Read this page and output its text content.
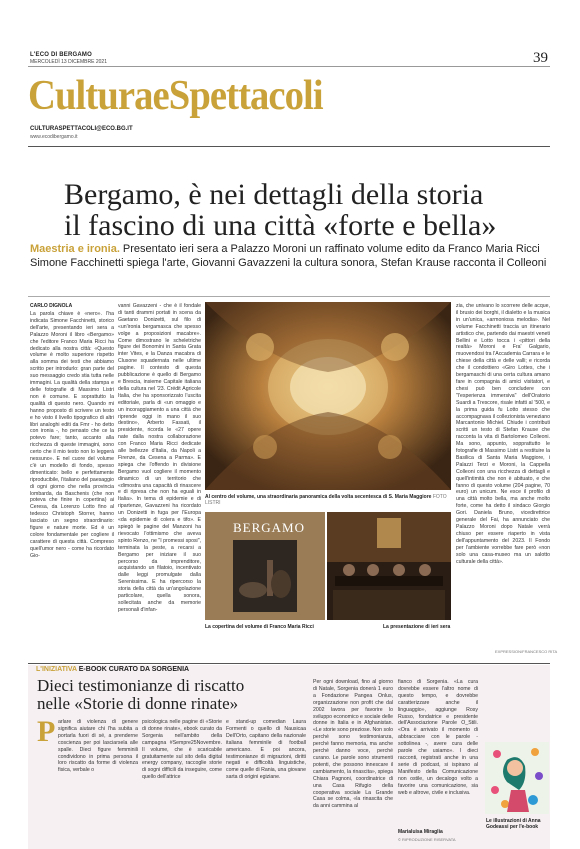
L'ECO DI BERGAMO
MERCOLEDÌ 13 DICEMBRE 2021	39
CulturaeSpettacoli
CULTURASPETTACOLI@ECO.BG.IT
www.ecodibergamo.it
Bergamo, è nei dettagli della storia
il fascino di una città «forte e bella»
Maestria e ironia. Presentato ieri sera a Palazzo Moroni un raffinato volume edito da Franco Maria Ricci Simone Facchinetti spiega l'arte, Giovanni Gavazzeni la cultura sonora, Stefan Krause racconta il Colleoni
CARLO DIGNOLA

La parola chiave è «nero». l'ha indicata Simone Facchinetti, storico dell'arte, presentando ieri sera a Palazzo Moroni il libro «Bergamo» che l'editore Franco Maria Ricci ha dedicato alla nostra città: «Questo volume è molto superiore rispetto alla somma dei testi che abbiamo scritto per introdurlo: gran parte del suo messaggio credo stia tutta nelle immagini. La qualità della stampa e delle fotografie di Massimo Listri non è comune. E soprattutto la qualità di questo nero. Quando mi hanno proposto di scrivere un testo e ho visto il livello tipografico di altri libri analoghi editi da Fmr - ho detto con ironia -, ho pensato che ce la potevo fare; tanto, accanto alla ricchezza di queste immagini, sono certo che il mio testo non lo leggerà nessuno». E nel cuore del volume c'è un modello di fondo, spesso dimenticato: bello e perfettamente riproducibile, l'italiano del paesaggio di ogni giorno che nella provincia lombarda, da Baschenis (che non poteva che finire in copertina) ai Ceresa, da Lorenzo Lotto fino al tedesco Christoph Storrer, hanno lasciato un segno straordinario: figure e nature morte. Ed è un colore fondamentale per cogliere il carattere di questa città. Compreso quell'umor nero - come ha ricordato Gio-

vanni Gavazzeni - che è il fondale di tanti drammi portati in scena da Gaetano Donizetti, sul filo di «un'ironia bergamasca che spesso volge a proposizioni macabre». Come dimostrano le scheletriche figure dei Bonomini in Santa Grata inter Vites, e la Danza macabra di Clusone squadernata nelle ultime pagine. Il contesto di questa pubblicazione è quello di Bergamo e Brescia, insieme Capitale italiana della cultura nel '23. Crédit Agricole Italia, che ha sponsorizzato l'uscita editoriale, parla di «un omaggio e un incoraggiamento a una città che riprende oggi in mano il suo destino», Arberto Fassati, il presidente, ricorda le «27 opere nate dalla nostra collaborazione con Franco Maria Ricci dedicate alle bellezze d'Italia, da Napoli a Firenze, da Cesena a Parma». E spiega che l'offendo in divisione Bergamo vuol cogliere il momento dinamico di un territorio che «dimostra una capacità di rinascere e di ripresa che non ha eguali in Italia». In tema di epidemie e di ripartenze, Gavazzeni ha ricordato un Donizetti in fuga per l'Europa «da epidemie di colera e tifo». E spiegò le pagine del Manzoni ha rievocato l'ottimismo che aveva spinto Renzo, ne "I promessi sposi", terminata la peste, a recarsi a Bergamo per iniziare il suo percorso da imprenditore, acquistando un filatoio, incentivato dalle leggi promulgate dalla Serenissima. E ha ripercorso la storia della città da un'angolazione particolare, quella sonora, sollecitata anche da memorie personali d'infan-

zia, che univano lo scorrere delle acque, il brusio dei borghi, il dialetto e la musica in un'unica, «armoniosa melodia». Nel volume Facchinetti traccia un itinerario artistico che, partendo dai maestri veneti Bellini e Lotto tocca i «pittori della realtà» Moroni e Fra' Galgario, muovendosi tra l'Accademia Carrara e le chiese della città e delle valli; e ricorda che il condottiero «Giro Lottes, che i bergamaschi di una certa cultura amano fare in compagnia di amici visitatori, e chesi può ben concludere con "l'esperienza immersiva" dell'Oratorio Suardi a Trescore, risale infatti al '500, e la prima guida fu Lotto stesso che accompagnava il collezionista veneziano Marcantonio Michiel. Chiude i contributi scritti un testo di Stefan Krause che racconta la vita di Bartolomeo Colleoni. Ma sono, appunto, sopprattutto le fotografie di Massimo Listri a restituire la Basilica di Santa Maria Maggiore, i Palazzi Terzi e Moroni, la Cappella Colleoni con una ricchezza di dettagli e quell'intimità che non è abituato, e che fanno di questo volume (204 pagine, 70 euro) un unicum. Ne esce il profilo di una città molto bella, ma anche molto forte, come ha detto il sindaco Giorgio Gori. Daniela Bruno, vicedirettrice generale del Fai, ha annunciato che Palazzo Moroni dopo Natale verrà chiuso per essere riaperto in vista dell'appuntamento del 2023. Il Fondo per l'ambiente vorrebbe fare però «non solo una casa-museo ma un salotto culturale della città».

Al centro del volume, una straordinaria panoramica della volta secentesca di S. Maria Maggiore FOTO LISTRI
BERGAMO
La copertina del volume di Franco Maria Ricci	La presentazione di ieri sera
EXPRESSION/FRANCESCO RITA
L'INIZIATIVA E-BOOK CURATO DA SORGENIA
Dieci testimonianze di riscatto
nelle «Storie di donne rinate»
P arlare di violenza di genere significa aiutare chi l'ha subita a portarla fuori di sé, a prenderne coscienza per poi lasciarsela alle spalle. Dieci figure femminili condividono in prima persona il loro riscatto da forme di violenza fisica, verbale o

psicologica nelle pagine di «Storie di donne rinate», ebook curato da Sorgenia nell'ambito della campagna #Sempre25Novembre. Il volume, che è scaricabile gratuitamente sul sito della digital energy company, raccoglie storie di sogni difficili da inseguire, come quello dell'attrice

e stand-up comedian Laura Formenti o quello di Nausicaa Dell'Orto, capitano della nazionale italiana femminile di football americano. E poi ancora, testimonianze di migrazioni, diritti negati e difficoltà linguistiche, come quelle di Rania, una giovane sarta di origini egiziane.

Per ogni download, fino al giorno di Natale, Sorgenia donerà 1 euro a Fondazione Pangea Onlus, organizzazione non profit che dal 2002 lavora per favorire lo sviluppo economico e sociale delle donne in Italia e in Afghanistan. «Le storie sono preziose. Non solo perché sono testimonianza, perché fanno memoria, ma anche perché danno voce, perché curano. Le parole sono strumenti potenti, che possono innescare il cambiamento, la rinascita», spiega Chiara Pagnoni, coordinatrice di una Casa Rifugio della cooperativa sociale La Grande Casa se colma, «la rinascita che da anni cammina al

fianco di Sorgenia. «La cura dovrebbe essere l'altro nome di questo tempo, e dovrebbe caratterizzare anche il linguaggio», aggiunge Rosy Russo, fondatrice e presidente dell'Associazione Parole O_Stili. «Ora è arrivato il momento di abbracciare con le parole - sottolinea -, avere cura delle parole che usiamo». I dieci racconti, registrati anche in una serie di podcast, si ispirano al Manifesto della Comunicazione non ostile, un decalogo volto a favorire una comunicazione, sia web e altrove, civile e inclusiva.

Marialuisa Miraglia
© RIPRODUZIONE RISERVATA
Le illustrazioni di Anna Godeassi per l'e-book
